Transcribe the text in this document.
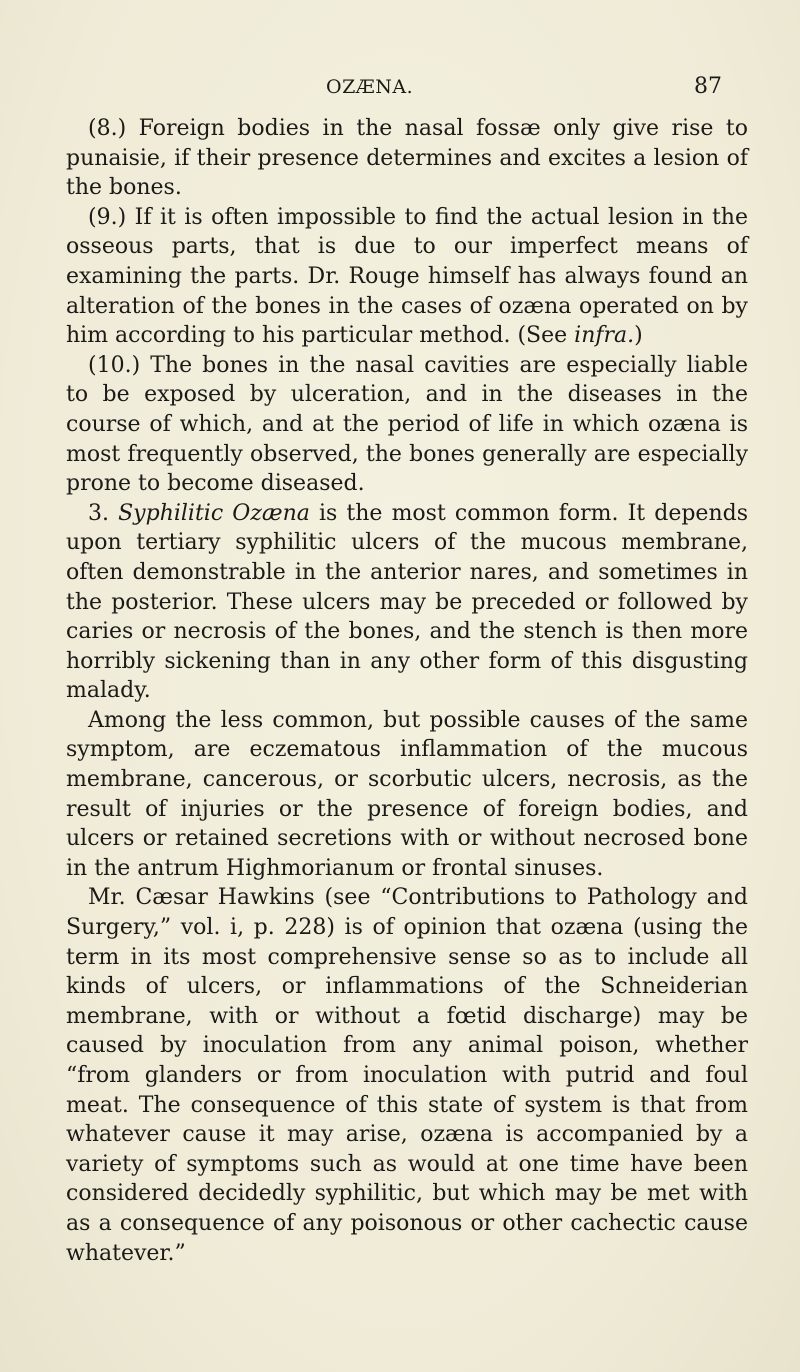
OZÆNA.	87

(8.) Foreign bodies in the nasal fossæ only give rise to punaisie, if their presence determines and excites a lesion of the bones.

(9.) If it is often impossible to find the actual lesion in the osseous parts, that is due to our imperfect means of examining the parts. Dr. Rouge himself has always found an alteration of the bones in the cases of ozæna operated on by him according to his particular method. (See infra.)

(10.) The bones in the nasal cavities are especially liable to be exposed by ulceration, and in the diseases in the course of which, and at the period of life in which ozæna is most frequently observed, the bones generally are especially prone to become diseased.

3. Syphilitic Ozæna is the most common form. It depends upon tertiary syphilitic ulcers of the mucous membrane, often demonstrable in the anterior nares, and sometimes in the posterior. These ulcers may be preceded or followed by caries or necrosis of the bones, and the stench is then more horribly sickening than in any other form of this disgusting malady.

Among the less common, but possible causes of the same symptom, are eczematous inflammation of the mucous membrane, cancerous, or scorbutic ulcers, necrosis, as the result of injuries or the presence of foreign bodies, and ulcers or retained secretions with or without necrosed bone in the antrum Highmorianum or frontal sinuses.

Mr. Cæsar Hawkins (see “Contributions to Pathology and Surgery,” vol. i, p. 228) is of opinion that ozæna (using the term in its most comprehensive sense so as to include all kinds of ulcers, or inflammations of the Schneiderian membrane, with or without a fœtid discharge) may be caused by inoculation from any animal poison, whether “from glanders or from inoculation with putrid and foul meat. The consequence of this state of system is that from whatever cause it may arise, ozæna is accompanied by a variety of symptoms such as would at one time have been considered decidedly syphilitic, but which may be met with as a consequence of any poisonous or other cachectic cause whatever.”
